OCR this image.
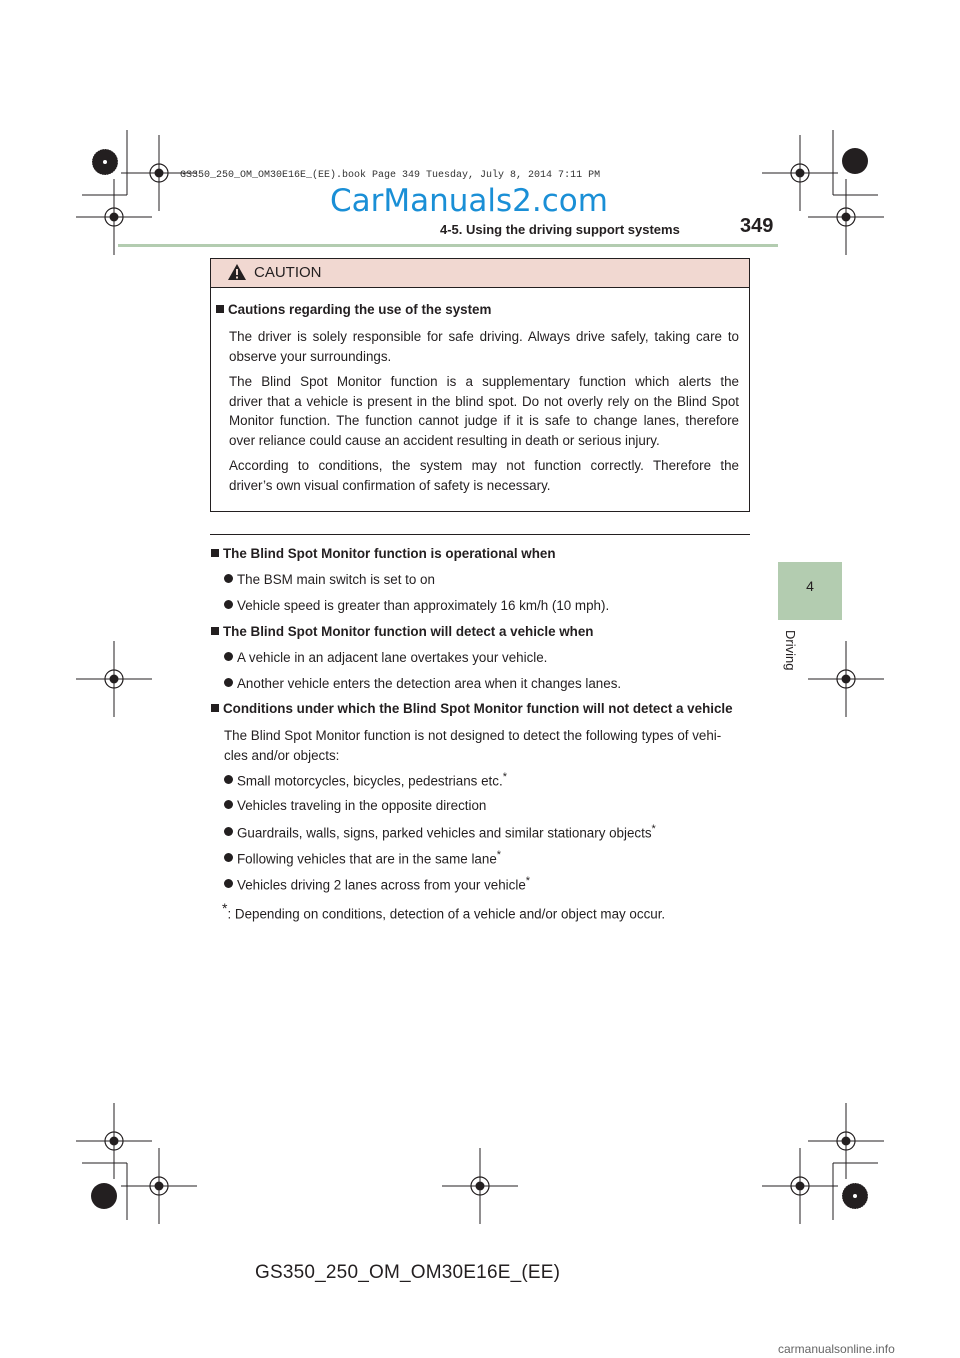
GS350_250_OM_OM30E16E_(EE).book Page 349 Tuesday, July 8, 2014 7:11 PM
CarManuals2.com
4-5. Using the driving support systems	349
4
Driving
CAUTION
Cautions regarding the use of the system
The driver is solely responsible for safe driving. Always drive safely, taking care to
observe your surroundings.
The Blind Spot Monitor function is a supplementary function which alerts the
driver that a vehicle is present in the blind spot. Do not overly rely on the Blind Spot
Monitor function. The function cannot judge if it is safe to change lanes, therefore
over reliance could cause an accident resulting in death or serious injury.
According to conditions, the system may not function correctly. Therefore the
driver’s own visual confirmation of safety is necessary.
The Blind Spot Monitor function is operational when
The BSM main switch is set to on
Vehicle speed is greater than approximately 16 km/h (10 mph).
The Blind Spot Monitor function will detect a vehicle when
A vehicle in an adjacent lane overtakes your vehicle.
Another vehicle enters the detection area when it changes lanes.
Conditions under which the Blind Spot Monitor function will not detect a vehicle
The Blind Spot Monitor function is not designed to detect the following types of vehi-
cles and/or objects:
Small motorcycles, bicycles, pedestrians etc.*
Vehicles traveling in the opposite direction
Guardrails, walls, signs, parked vehicles and similar stationary objects*
Following vehicles that are in the same lane*
Vehicles driving 2 lanes across from your vehicle*
*: Depending on conditions, detection of a vehicle and/or object may occur.
GS350_250_OM_OM30E16E_(EE)
carmanualsonline.info
